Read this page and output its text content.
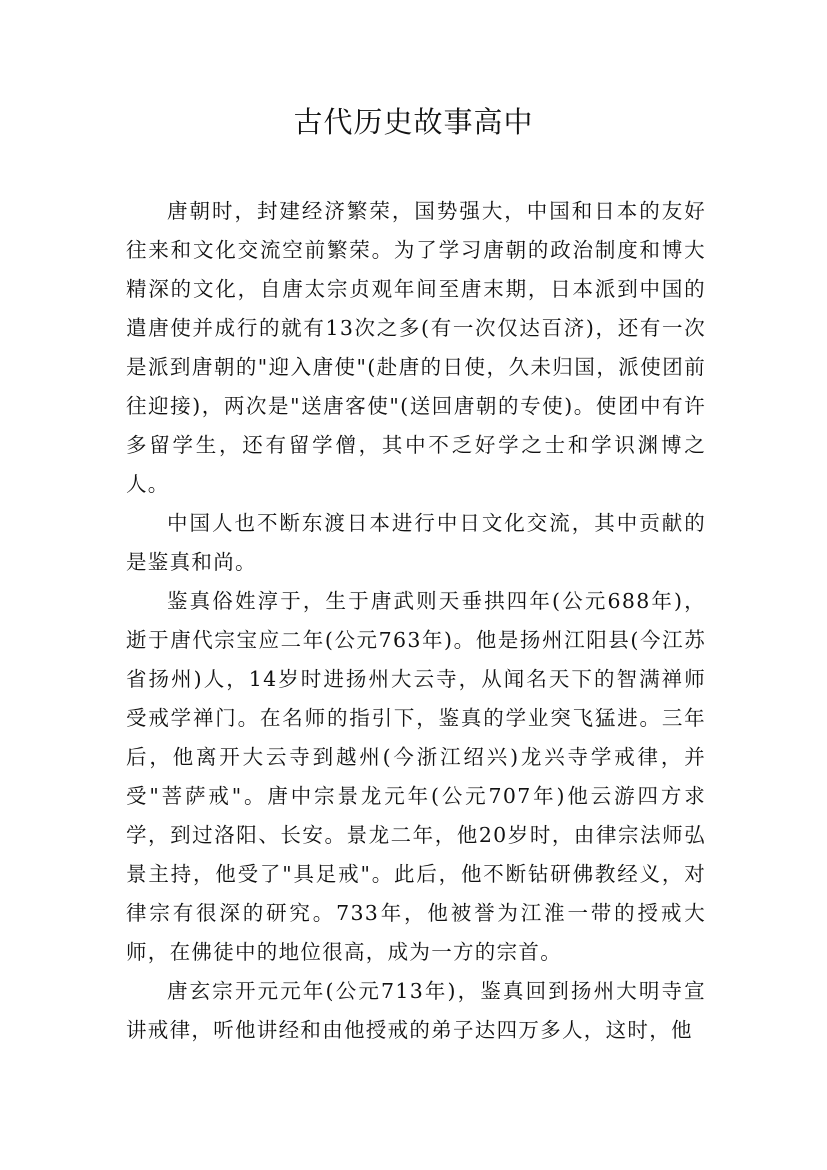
古代历史故事高中

唐朝时，封建经济繁荣，国势强大，中国和日本的友好往来和文化交流空前繁荣。为了学习唐朝的政治制度和博大精深的文化，自唐太宗贞观年间至唐末期，日本派到中国的遣唐使并成行的就有13次之多(有一次仅达百济)，还有一次是派到唐朝的"迎入唐使"(赴唐的日使，久未归国，派使团前往迎接)，两次是"送唐客使"(送回唐朝的专使)。使团中有许多留学生，还有留学僧，其中不乏好学之士和学识渊博之人。

中国人也不断东渡日本进行中日文化交流，其中贡献的是鉴真和尚。

鉴真俗姓淳于，生于唐武则天垂拱四年(公元688年)，逝于唐代宗宝应二年(公元763年)。他是扬州江阳县(今江苏省扬州)人，14岁时进扬州大云寺，从闻名天下的智满禅师受戒学禅门。在名师的指引下，鉴真的学业突飞猛进。三年后，他离开大云寺到越州(今浙江绍兴)龙兴寺学戒律，并受"菩萨戒"。唐中宗景龙元年(公元707年)他云游四方求学，到过洛阳、长安。景龙二年，他20岁时，由律宗法师弘景主持，他受了"具足戒"。此后，他不断钻研佛教经义，对律宗有很深的研究。733年，他被誉为江淮一带的授戒大师，在佛徒中的地位很高，成为一方的宗首。

唐玄宗开元元年(公元713年)，鉴真回到扬州大明寺宣讲戒律，听他讲经和由他授戒的弟子达四万多人，这时，他
